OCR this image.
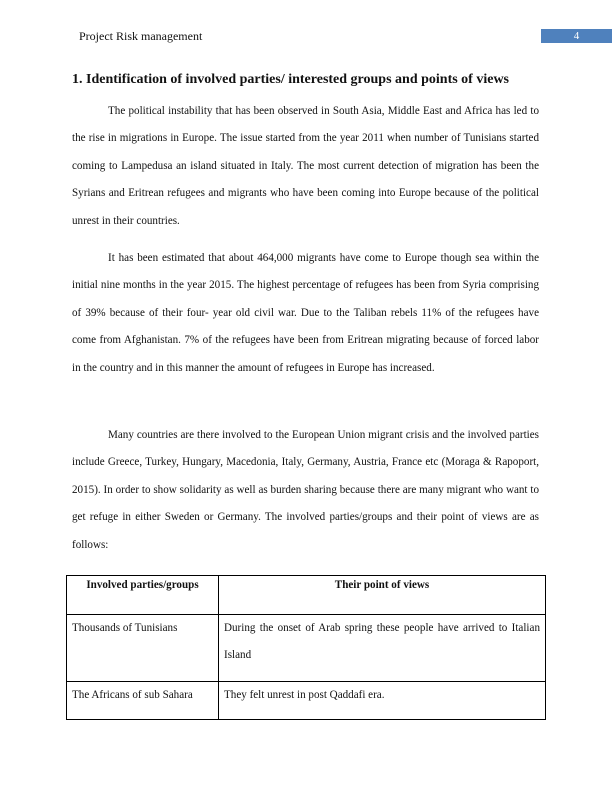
Project Risk management	4
1. Identification of involved parties/ interested groups and points of views

The political instability that has been observed in South Asia, Middle East and Africa has led to the rise in migrations in Europe. The issue started from the year 2011 when number of Tunisians started coming to Lampedusa an island situated in Italy. The most current detection of migration has been the Syrians and Eritrean refugees and migrants who have been coming into Europe because of the political unrest in their countries.

It has been estimated that about 464,000 migrants have come to Europe though sea within the initial nine months in the year 2015. The highest percentage of refugees has been from Syria comprising of 39% because of their four- year old civil war. Due to the Taliban rebels 11% of the refugees have come from Afghanistan. 7% of the refugees have been from Eritrean migrating because of forced labor in the country and in this manner the amount of refugees in Europe has increased.

Many countries are there involved to the European Union migrant crisis and the involved parties include Greece, Turkey, Hungary, Macedonia, Italy, Germany, Austria, France etc (Moraga & Rapoport, 2015). In order to show solidarity as well as burden sharing because there are many migrant who want to get refuge in either Sweden or Germany. The involved parties/groups and their point of views are as follows:

Involved parties/groups	Their point of views
Thousands of Tunisians	During the onset of Arab spring these people have arrived to Italian Island
The Africans of sub Sahara	They felt unrest in post Qaddafi era.
